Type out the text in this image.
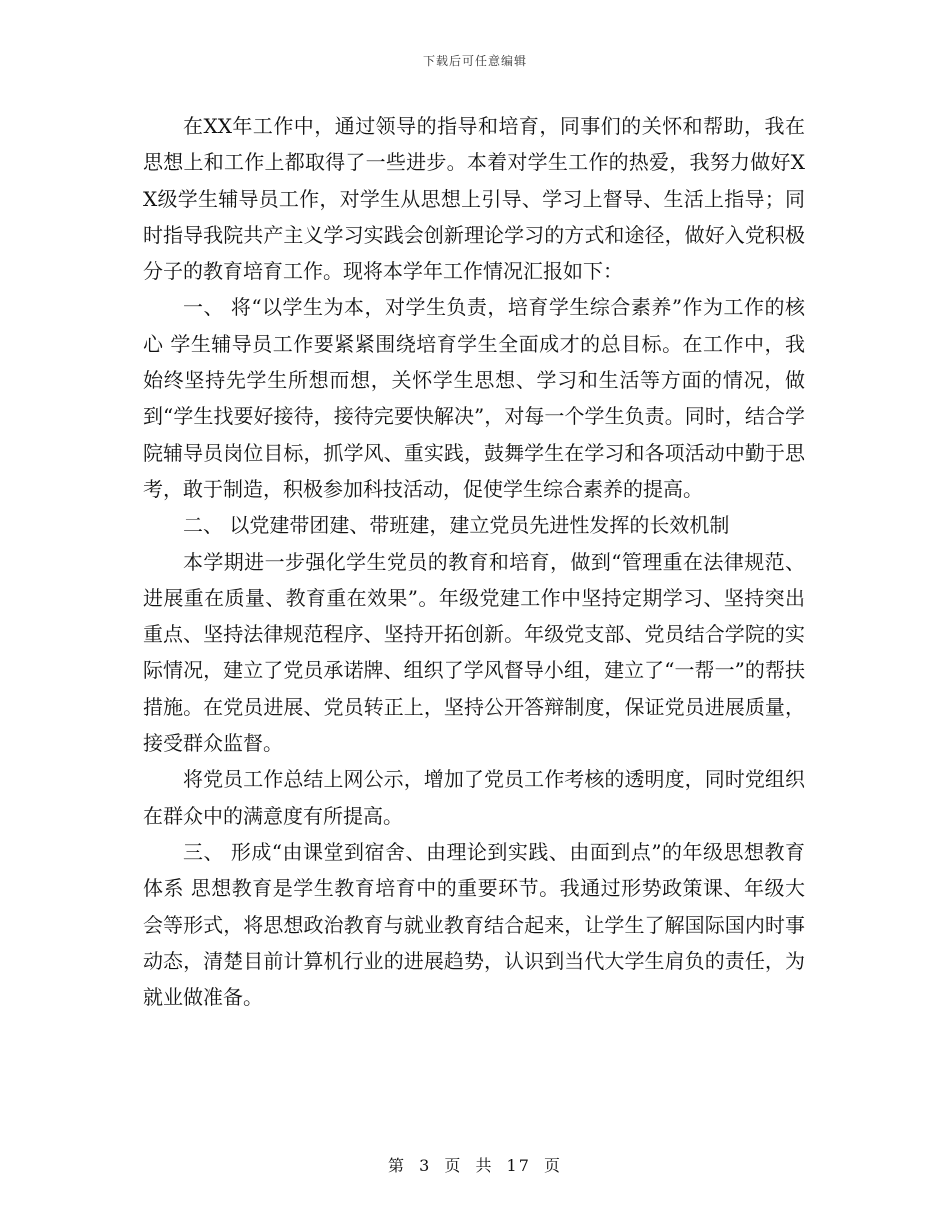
下载后可任意编辑

在XX年工作中，通过领导的指导和培育，同事们的关怀和帮助，我在思想上和工作上都取得了一些进步。本着对学生工作的热爱，我努力做好XX级学生辅导员工作，对学生从思想上引导、学习上督导、生活上指导；同时指导我院共产主义学习实践会创新理论学习的方式和途径，做好入党积极分子的教育培育工作。现将本学年工作情况汇报如下：

一、 将“以学生为本，对学生负责，培育学生综合素养”作为工作的核心 学生辅导员工作要紧紧围绕培育学生全面成才的总目标。在工作中，我始终坚持先学生所想而想，关怀学生思想、学习和生活等方面的情况，做到“学生找要好接待，接待完要快解决”，对每一个学生负责。同时，结合学院辅导员岗位目标，抓学风、重实践，鼓舞学生在学习和各项活动中勤于思考，敢于制造，积极参加科技活动，促使学生综合素养的提高。

二、 以党建带团建、带班建，建立党员先进性发挥的长效机制

本学期进一步强化学生党员的教育和培育，做到“管理重在法律规范、进展重在质量、教育重在效果”。年级党建工作中坚持定期学习、坚持突出重点、坚持法律规范程序、坚持开拓创新。年级党支部、党员结合学院的实际情况，建立了党员承诺牌、组织了学风督导小组，建立了“一帮一”的帮扶措施。在党员进展、党员转正上，坚持公开答辩制度，保证党员进展质量，接受群众监督。

将党员工作总结上网公示，增加了党员工作考核的透明度，同时党组织在群众中的满意度有所提高。

三、 形成“由课堂到宿舍、由理论到实践、由面到点”的年级思想教育体系 思想教育是学生教育培育中的重要环节。我通过形势政策课、年级大会等形式，将思想政治教育与就业教育结合起来，让学生了解国际国内时事动态，清楚目前计算机行业的进展趋势，认识到当代大学生肩负的责任，为就业做准备。

第 3 页 共 17 页
